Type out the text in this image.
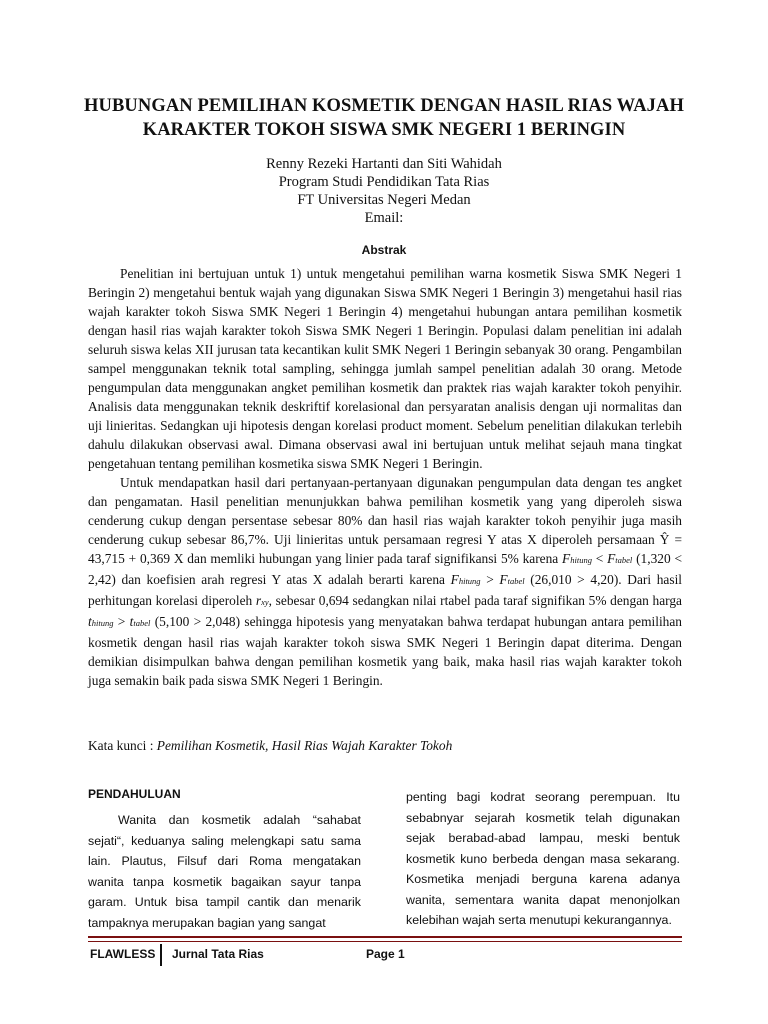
HUBUNGAN PEMILIHAN KOSMETIK DENGAN HASIL RIAS WAJAH
KARAKTER TOKOH SISWA SMK NEGERI 1 BERINGIN
Renny Rezeki Hartanti dan Siti Wahidah
Program Studi Pendidikan Tata Rias
FT Universitas Negeri Medan
Email:
Abstrak

Penelitian ini bertujuan untuk 1) untuk mengetahui pemilihan warna kosmetik Siswa SMK Negeri 1 Beringin 2) mengetahui bentuk wajah yang digunakan Siswa SMK Negeri 1 Beringin 3) mengetahui hasil rias wajah karakter tokoh Siswa SMK Negeri 1 Beringin 4) mengetahui hubungan antara pemilihan kosmetik dengan hasil rias wajah karakter tokoh Siswa SMK Negeri 1 Beringin. Populasi dalam penelitian ini adalah seluruh siswa kelas XII jurusan tata kecantikan kulit SMK Negeri 1 Beringin sebanyak 30 orang. Pengambilan sampel menggunakan teknik total sampling, sehingga jumlah sampel penelitian adalah 30 orang. Metode pengumpulan data menggunakan angket pemilihan kosmetik dan praktek rias wajah karakter tokoh penyihir. Analisis data menggunakan teknik deskriftif korelasional dan persyaratan analisis dengan uji normalitas dan uji linieritas. Sedangkan uji hipotesis dengan korelasi product moment. Sebelum penelitian dilakukan terlebih dahulu dilakukan observasi awal. Dimana observasi awal ini bertujuan untuk melihat sejauh mana tingkat pengetahuan tentang pemilihan kosmetika siswa SMK Negeri 1 Beringin.

Untuk mendapatkan hasil dari pertanyaan-pertanyaan digunakan pengumpulan data dengan tes angket dan pengamatan. Hasil penelitian menunjukkan bahwa pemilihan kosmetik yang yang diperoleh siswa cenderung cukup dengan persentase sebesar 80% dan hasil rias wajah karakter tokoh penyihir juga masih cenderung cukup sebesar 86,7%. Uji linieritas untuk persamaan regresi Y atas X diperoleh persamaan Ŷ = 43,715 + 0,369 X dan memliki hubungan yang linier pada taraf signifikansi 5% karena Fhitung < Ftabel (1,320 < 2,42) dan koefisien arah regresi Y atas X adalah berarti karena Fhitung > Ftabel (26,010 > 4,20). Dari hasil perhitungan korelasi diperoleh rxy, sebesar 0,694 sedangkan nilai rtabel pada taraf signifikan 5% dengan harga thitung > ttabel (5,100 > 2,048) sehingga hipotesis yang menyatakan bahwa terdapat hubungan antara pemilihan kosmetik dengan hasil rias wajah karakter tokoh siswa SMK Negeri 1 Beringin dapat diterima. Dengan demikian disimpulkan bahwa dengan pemilihan kosmetik yang baik, maka hasil rias wajah karakter tokoh juga semakin baik pada siswa SMK Negeri 1 Beringin.

Kata kunci : Pemilihan Kosmetik, Hasil Rias Wajah Karakter Tokoh
PENDAHULUAN

Wanita dan kosmetik adalah “sahabat sejati“, keduanya saling melengkapi satu sama lain. Plautus, Filsuf dari Roma mengatakan wanita tanpa kosmetik bagaikan sayur tanpa garam. Untuk bisa tampil cantik dan menarik tampaknya merupakan bagian yang sangat

penting bagi kodrat seorang perempuan. Itu sebabnyar sejarah kosmetik telah digunakan sejak berabad-abad lampau, meski bentuk kosmetik kuno berbeda dengan masa sekarang. Kosmetika menjadi berguna karena adanya wanita, sementara wanita dapat menonjolkan kelebihan wajah serta menutupi kekurangannya.

FLAWLESS Jurnal Tata Rias	Page 1
